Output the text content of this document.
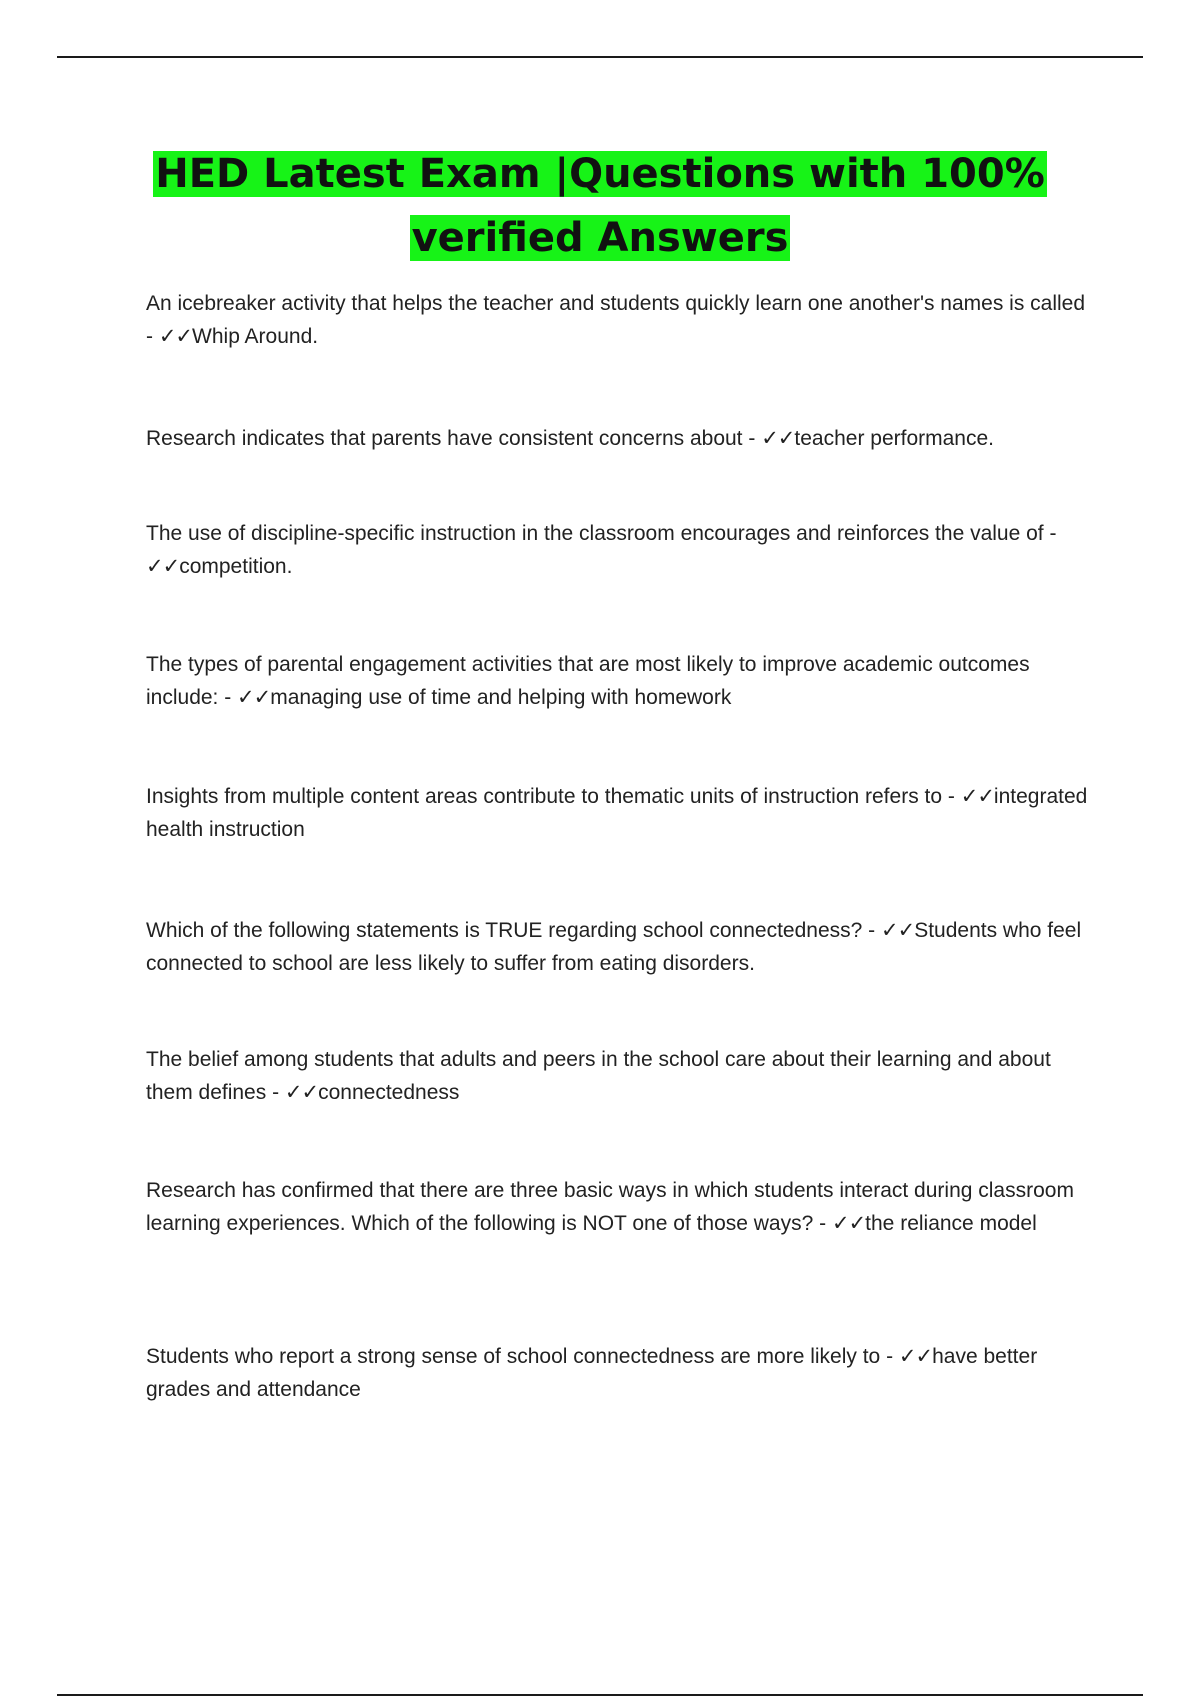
HED Latest Exam |Questions with 100%
verified Answers

An icebreaker activity that helps the teacher and students quickly learn one another's names is called - ✓✓Whip Around.

Research indicates that parents have consistent concerns about - ✓✓teacher performance.

The use of discipline-specific instruction in the classroom encourages and reinforces the value of - ✓✓competition.

The types of parental engagement activities that are most likely to improve academic outcomes include: - ✓✓managing use of time and helping with homework

Insights from multiple content areas contribute to thematic units of instruction refers to - ✓✓integrated health instruction

Which of the following statements is TRUE regarding school connectedness? - ✓✓Students who feel connected to school are less likely to suffer from eating disorders.

The belief among students that adults and peers in the school care about their learning and about them defines - ✓✓connectedness

Research has confirmed that there are three basic ways in which students interact during classroom learning experiences. Which of the following is NOT one of those ways? - ✓✓the reliance model

Students who report a strong sense of school connectedness are more likely to - ✓✓have better grades and attendance
